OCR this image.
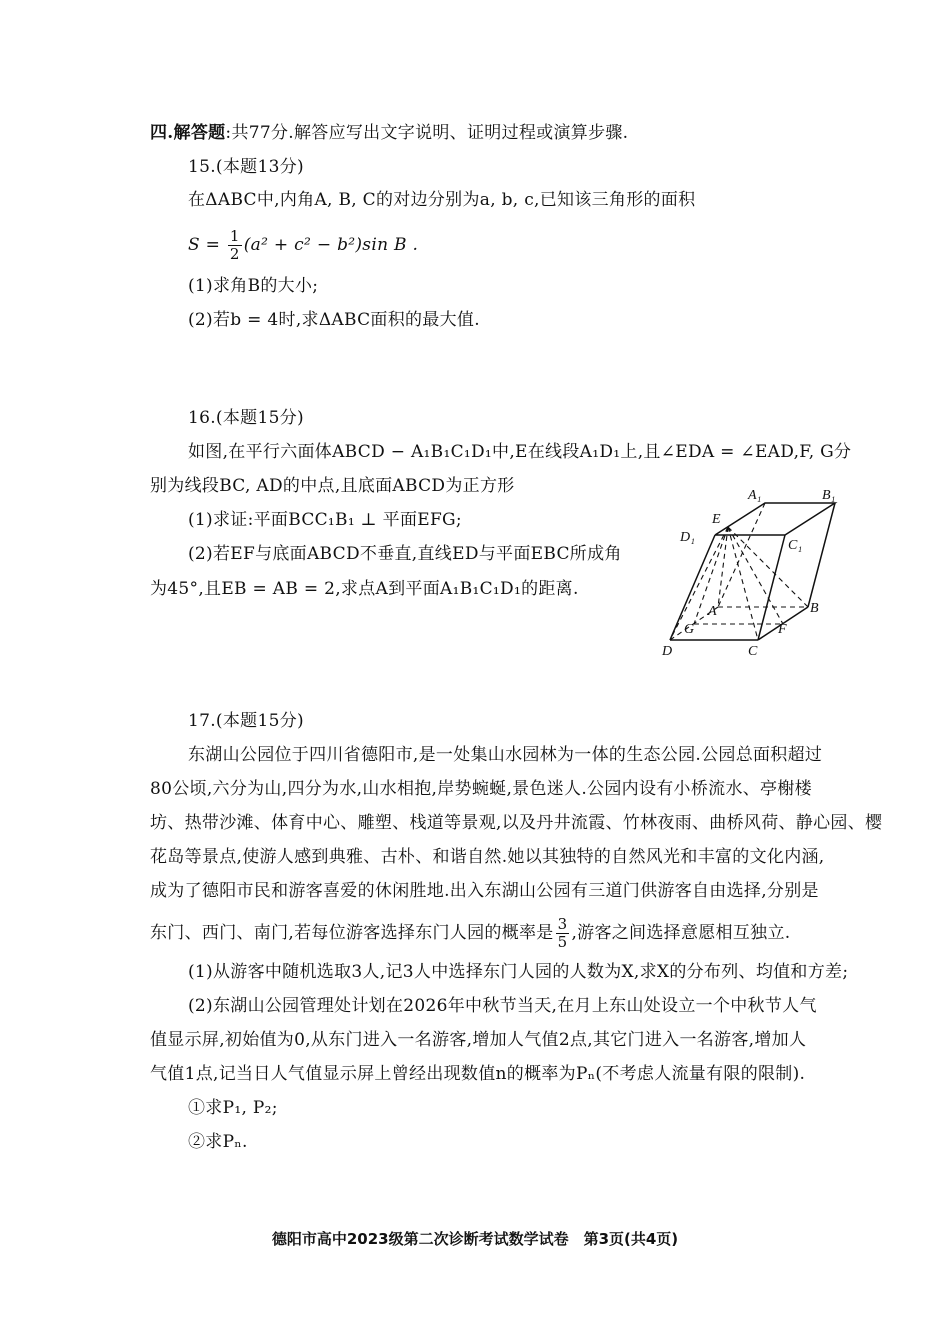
四.解答题:共77分.解答应写出文字说明、证明过程或演算步骤.
15.(本题13分)
在ΔABC中,内角A, B, C的对边分别为a, b, c,已知该三角形的面积
$S = \frac{1}{2} (a^2 + c^2 - b^2)\sin$ B .
(1)求角B的大小;
(2)若b = 4时,求ΔABC面积的最大值.
16.(本题15分)
如图,在平行六面体ABCD − A₁B₁C₁D₁中,E在线段A₁D₁上,且∠EDA = ∠EAD,F, G分
别为线段BC, AD的中点,且底面ABCD为正方形
(1)求证:平面BCC₁B₁ ⊥ 平面EFG;
(2)若EF与底面ABCD不垂直,直线ED与平面EBC所成角
为45°,且EB = AB = 2,求点A到平面A₁B₁C₁D₁的距离.
A₁	B₁
E
D₁
C₁
A	B
G	F
D	C
17.(本题15分)
东湖山公园位于四川省德阳市,是一处集山水园林为一体的生态公园.公园总面积超过
80公顷,六分为山,四分为水,山水相抱,岸势蜿蜒,景色迷人.公园内设有小桥流水、亭榭楼
坊、热带沙滩、体育中心、雕塑、栈道等景观,以及丹井流霞、竹林夜雨、曲桥风荷、静心园、樱
花岛等景点,使游人感到典雅、古朴、和谐自然.她以其独特的自然风光和丰富的文化内涵,
成为了德阳市民和游客喜爱的休闲胜地.出入东湖山公园有三道门供游客自由选择,分别是
东门、西门、南门,若每位游客选择东门人园的概率是 $\frac{3}{5}$ ,游客之间选择意愿相互独立.
(1)从游客中随机选取3人,记3人中选择东门人园的人数为X,求X的分布列、均值和方差;
(2)东湖山公园管理处计划在2026年中秋节当天,在月上东山处设立一个中秋节人气
值显示屏,初始值为0,从东门进入一名游客,增加人气值2点,其它门进入一名游客,增加人
气值1点,记当日人气值显示屏上曾经出现数值n的概率为Pₙ(不考虑人流量有限的限制).
①求P₁, P₂;
②求Pₙ.
德阳市高中2023级第二次诊断考试数学试卷　第3页(共4页)
